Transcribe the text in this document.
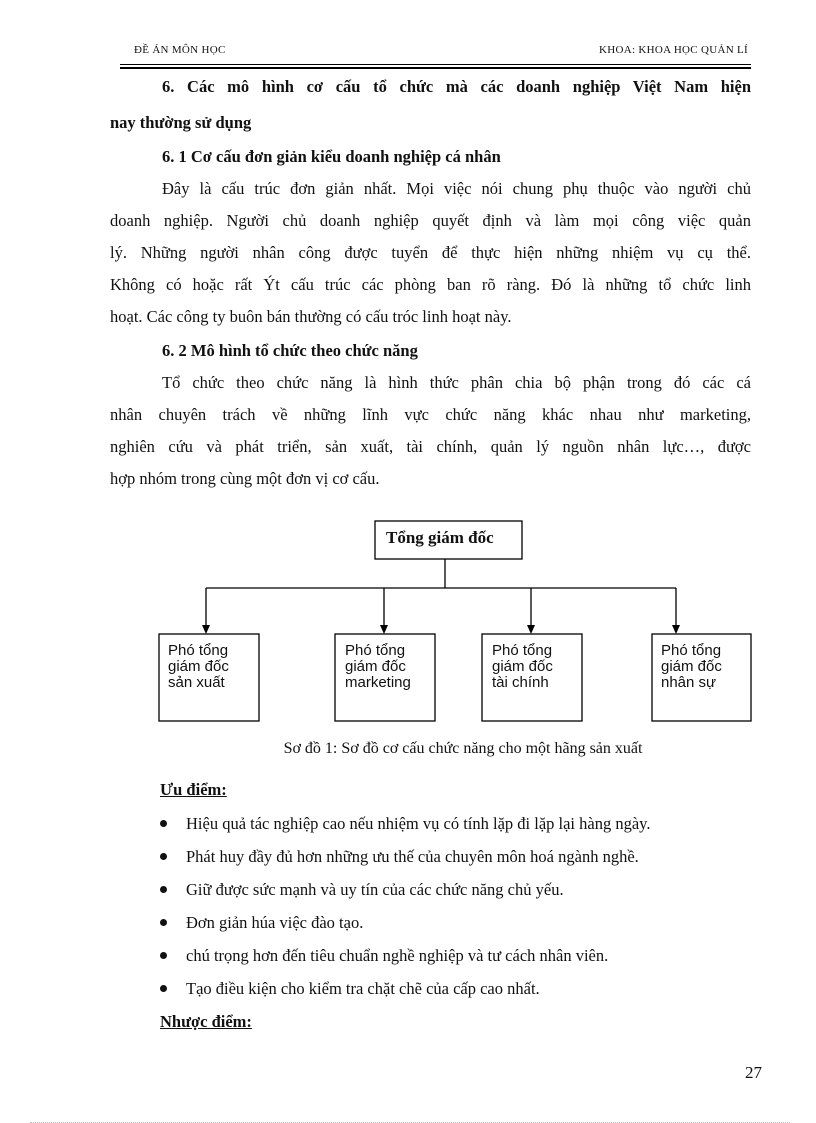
ĐỀ ÁN MÔN HỌC	KHOA: KHOA HỌC QUẢN LÍ
6. Các mô hình cơ cấu tổ chức mà các doanh nghiệp Việt Nam hiện
nay thường sử dụng
6. 1 Cơ cấu đơn giản kiểu doanh nghiệp cá nhân
Đây là cấu trúc đơn giản nhất. Mọi việc nói chung phụ thuộc vào người chủ
doanh nghiệp. Người chủ doanh nghiệp quyết định và làm mọi công việc quản
lý. Những người nhân công được tuyển để thực hiện những nhiệm vụ cụ thể.
Không có hoặc rất Ýt cấu trúc các phòng ban rõ ràng. Đó là những tổ chức linh
hoạt. Các công ty buôn bán thường có cấu tróc linh hoạt này.
6. 2 Mô hình tổ chức theo chức năng
Tổ chức theo chức năng là hình thức phân chia bộ phận trong đó các cá
nhân chuyên trách về những lĩnh vực chức năng khác nhau như marketing,
nghiên cứu và phát triển, sản xuất, tài chính, quản lý nguồn nhân lực…, được
hợp nhóm trong cùng một đơn vị cơ cấu.
Tổng giám đốc
Phó tổng
giám đốc
sản xuất
Phó tổng
giám đốc
marketing
Phó tổng
giám đốc
tài chính
Phó tổng
giám đốc
nhân sự
Sơ đồ 1: Sơ đồ cơ cấu chức năng cho một hãng sản xuất
Ưu điểm:
Hiệu quả tác nghiệp cao nếu nhiệm vụ có tính lặp đi lặp lại hàng ngày.
Phát huy đầy đủ hơn những ưu thế của chuyên môn hoá ngành nghề.
Giữ được sức mạnh và uy tín của các chức năng chủ yếu.
Đơn giản húa việc đào tạo.
chú trọng hơn đến tiêu chuẩn nghề nghiệp và tư cách nhân viên.
Tạo điều kiện cho kiểm tra chặt chẽ của cấp cao nhất.
Nhược điểm:
27
